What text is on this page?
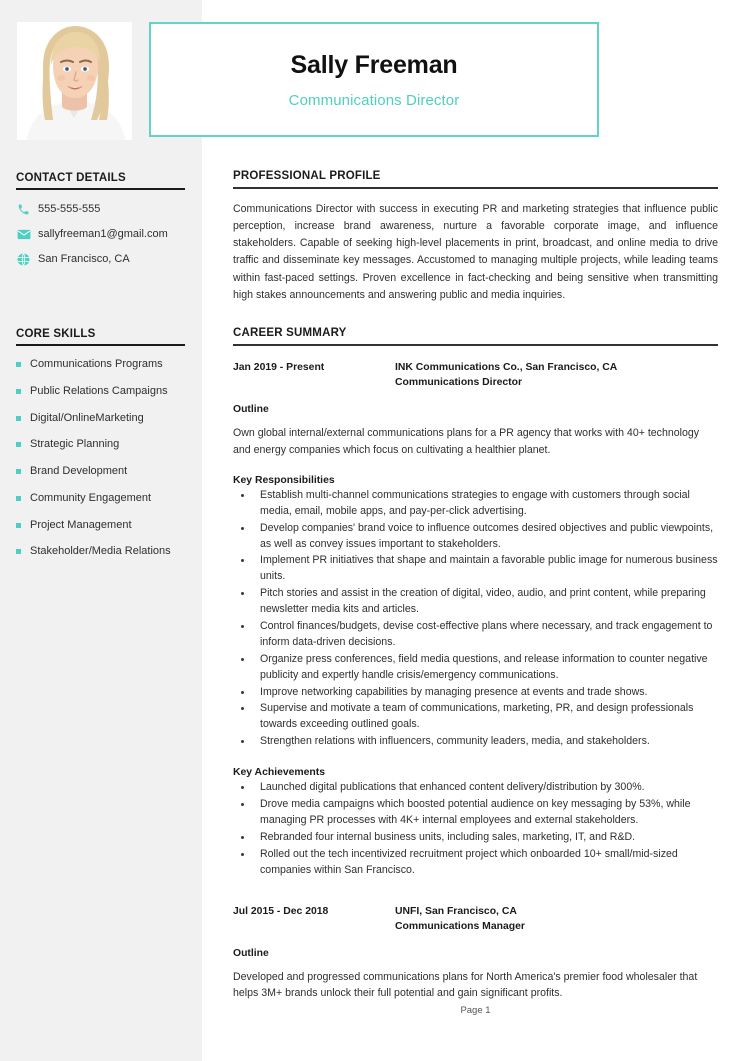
CONTACT DETAILS
555-555-555
sallyfreeman1@gmail.com
San Francisco, CA
CORE SKILLS
Communications Programs
Public Relations Campaigns
Digital/OnlineMarketing
Strategic Planning
Brand Development
Community Engagement
Project Management
Stakeholder/Media Relations
Sally Freeman
Communications Director
PROFESSIONAL PROFILE

Communications Director with success in executing PR and marketing strategies that influence public perception, increase brand awareness, nurture a favorable corporate image, and influence stakeholders. Capable of seeking high-level placements in print, broadcast, and online media to drive traffic and disseminate key messages. Accustomed to managing multiple projects, while leading teams within fast-paced settings. Proven excellence in fact-checking and being sensitive when transmitting high stakes announcements and answering public and media inquiries.

CAREER SUMMARY
Jan 2019 - Present	INK Communications Co., San Francisco, CA
Communications Director
Outline

Own global internal/external communications plans for a PR agency that works with 40+ technology and energy companies which focus on cultivating a healthier planet.

Key Responsibilities
Establish multi-channel communications strategies to engage with customers through social media, email, mobile apps, and pay-per-click advertising.
Develop companies' brand voice to influence outcomes desired objectives and public viewpoints, as well as convey issues important to stakeholders.
Implement PR initiatives that shape and maintain a favorable public image for numerous business units.
Pitch stories and assist in the creation of digital, video, audio, and print content, while preparing newsletter media kits and articles.
Control finances/budgets, devise cost-effective plans where necessary, and track engagement to inform data-driven decisions.
Organize press conferences, field media questions, and release information to counter negative publicity and expertly handle crisis/emergency communications.
Improve networking capabilities by managing presence at events and trade shows.
Supervise and motivate a team of communications, marketing, PR, and design professionals towards exceeding outlined goals.
Strengthen relations with influencers, community leaders, media, and stakeholders.
Key Achievements
Launched digital publications that enhanced content delivery/distribution by 300%.
Drove media campaigns which boosted potential audience on key messaging by 53%, while managing PR processes with 4K+ internal employees and external stakeholders.
Rebranded four internal business units, including sales, marketing, IT, and R&D.
Rolled out the tech incentivized recruitment project which onboarded 10+ small/mid-sized companies within San Francisco.
Jul 2015 - Dec 2018	UNFI, San Francisco, CA
Communications Manager
Outline

Developed and progressed communications plans for North America's premier food wholesaler that helps 3M+ brands unlock their full potential and gain significant profits.

Page 1
